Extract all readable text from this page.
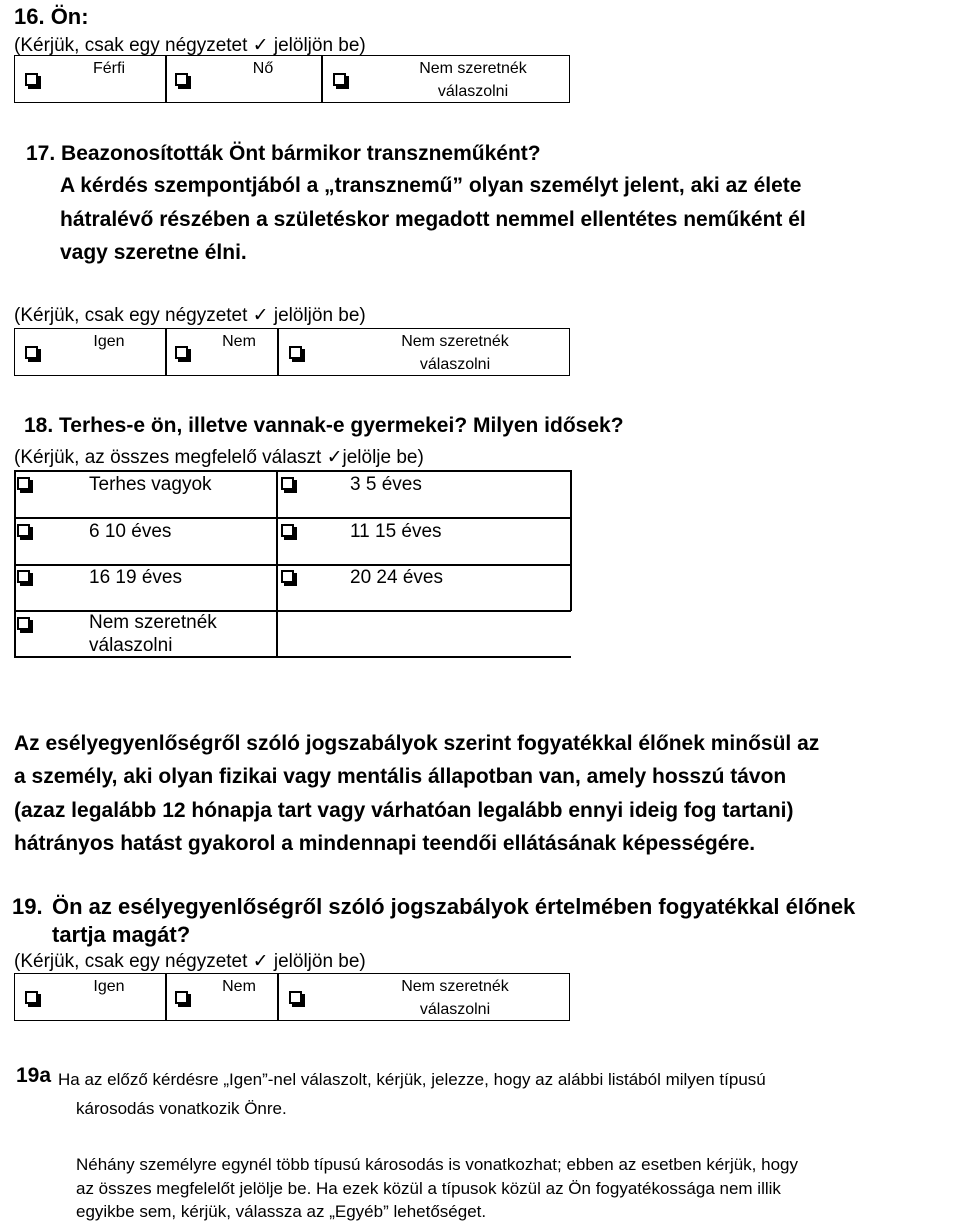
16. Ön:
(Kérjük, csak egy négyzetet ✓ jelöljön be)
Férfi	Nő	Nem szeretnék
válaszolni
17. Beazonosították Önt bármikor transzneműként?
A kérdés szempontjából a „transznemű” olyan személyt jelent, aki az élete
hátralévő részében a születéskor megadott nemmel ellentétes neműként él
vagy szeretne élni.
(Kérjük, csak egy négyzetet ✓ jelöljön be)
Igen	Nem	Nem szeretnék
válaszolni
18. Terhes-e ön, illetve vannak-e gyermekei? Milyen idősek?
(Kérjük, az összes megfelelő választ ✓jelölje be)
Terhes vagyok	3 5 éves
6 10 éves	11 15 éves
16 19 éves	20 24 éves
Nem szeretnék
válaszolni
Az esélyegyenlőségről szóló jogszabályok szerint fogyatékkal élőnek minősül az
a személy, aki olyan fizikai vagy mentális állapotban van, amely hosszú távon
(azaz legalább 12 hónapja tart vagy várhatóan legalább ennyi ideig fog tartani)
hátrányos hatást gyakorol a mindennapi teendői ellátásának képességére.
19. Ön az esélyegyenlőségről szóló jogszabályok értelmében fogyatékkal élőnek
tartja magát?
(Kérjük, csak egy négyzetet ✓ jelöljön be)
Igen	Nem	Nem szeretnék
válaszolni
19a Ha az előző kérdésre „Igen”-nel válaszolt, kérjük, jelezze, hogy az alábbi listából milyen típusú
károsodás vonatkozik Önre.
Néhány személyre egynél több típusú károsodás is vonatkozhat; ebben az esetben kérjük, hogy
az összes megfelelőt jelölje be. Ha ezek közül a típusok közül az Ön fogyatékossága nem illik
egyikbe sem, kérjük, válassza az „Egyéb” lehetőséget.
